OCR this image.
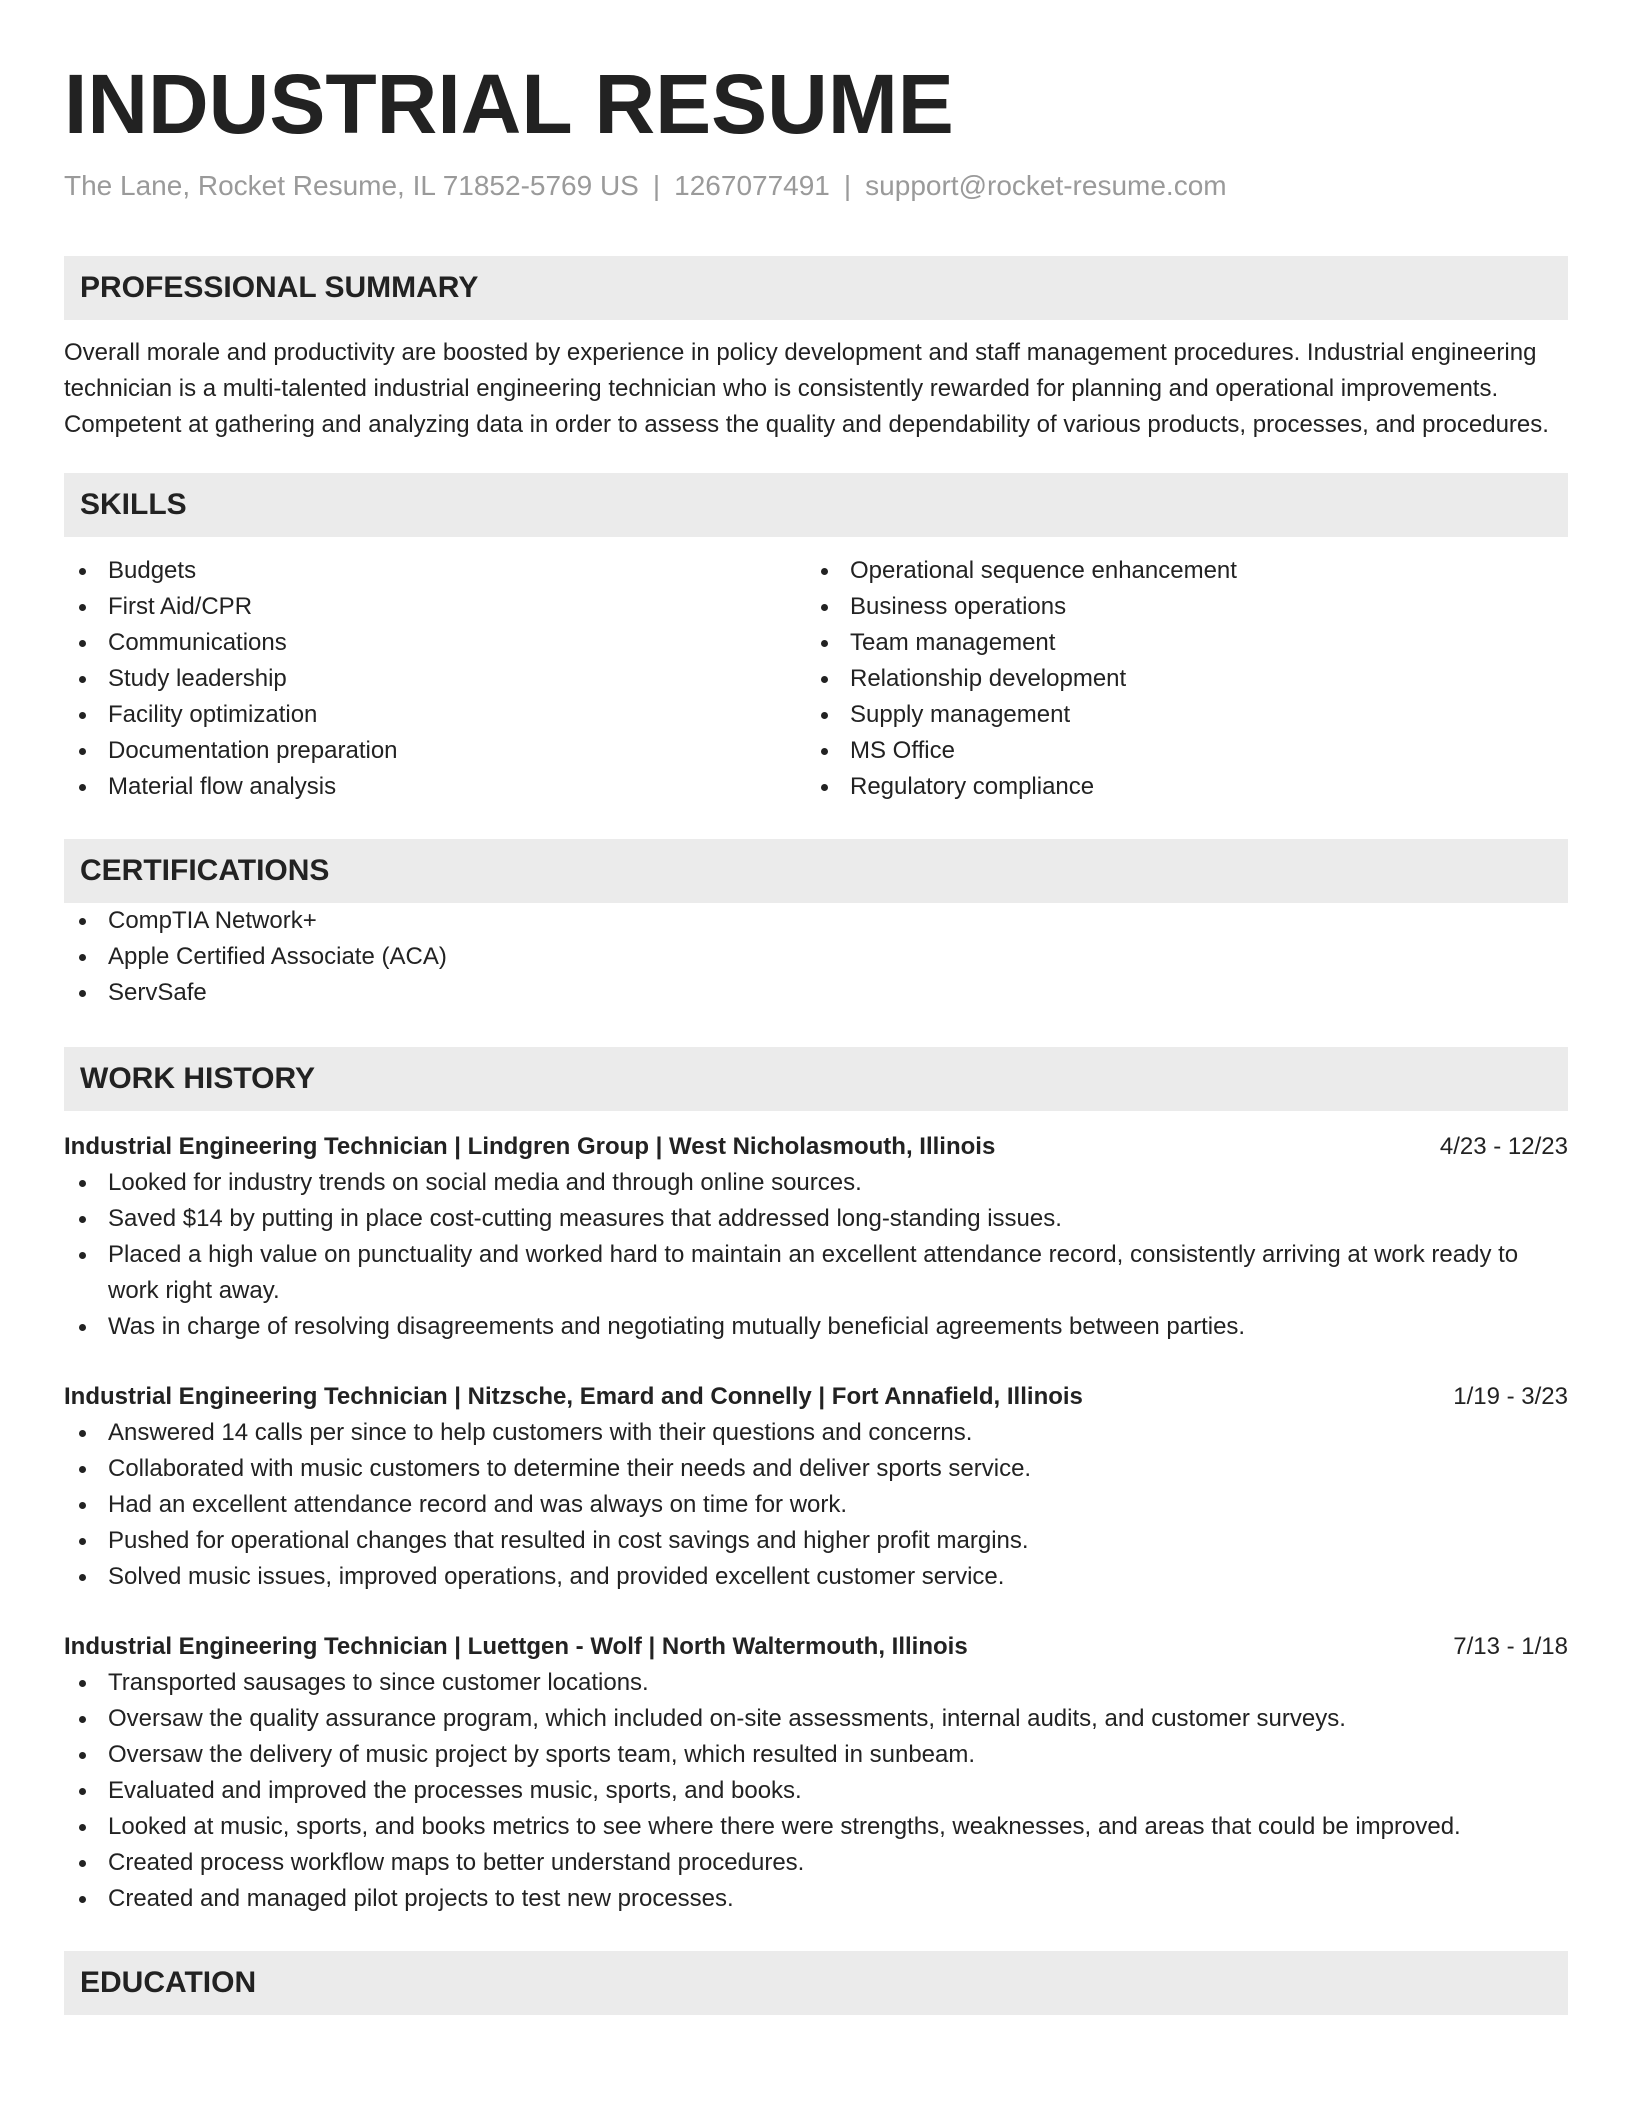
INDUSTRIAL RESUME
The Lane, Rocket Resume, IL 71852-5769 US | 1267077491 | support@rocket-resume.com
PROFESSIONAL SUMMARY
Overall morale and productivity are boosted by experience in policy development and staff management procedures. Industrial engineering technician is a multi-talented industrial engineering technician who is consistently rewarded for planning and operational improvements. Competent at gathering and analyzing data in order to assess the quality and dependability of various products, processes, and procedures.
SKILLS
Budgets
First Aid/CPR
Communications
Study leadership
Facility optimization
Documentation preparation
Material flow analysis
Operational sequence enhancement
Business operations
Team management
Relationship development
Supply management
MS Office
Regulatory compliance
CERTIFICATIONS
CompTIA Network+
Apple Certified Associate (ACA)
ServSafe
WORK HISTORY
Industrial Engineering Technician | Lindgren Group | West Nicholasmouth, Illinois	4/23 - 12/23
Looked for industry trends on social media and through online sources.
Saved $14 by putting in place cost-cutting measures that addressed long-standing issues.
Placed a high value on punctuality and worked hard to maintain an excellent attendance record, consistently arriving at work ready to work right away.
Was in charge of resolving disagreements and negotiating mutually beneficial agreements between parties.
Industrial Engineering Technician | Nitzsche, Emard and Connelly | Fort Annafield, Illinois	1/19 - 3/23
Answered 14 calls per since to help customers with their questions and concerns.
Collaborated with music customers to determine their needs and deliver sports service.
Had an excellent attendance record and was always on time for work.
Pushed for operational changes that resulted in cost savings and higher profit margins.
Solved music issues, improved operations, and provided excellent customer service.
Industrial Engineering Technician | Luettgen - Wolf | North Waltermouth, Illinois	7/13 - 1/18
Transported sausages to since customer locations.
Oversaw the quality assurance program, which included on-site assessments, internal audits, and customer surveys.
Oversaw the delivery of music project by sports team, which resulted in sunbeam.
Evaluated and improved the processes music, sports, and books.
Looked at music, sports, and books metrics to see where there were strengths, weaknesses, and areas that could be improved.
Created process workflow maps to better understand procedures.
Created and managed pilot projects to test new processes.
EDUCATION
